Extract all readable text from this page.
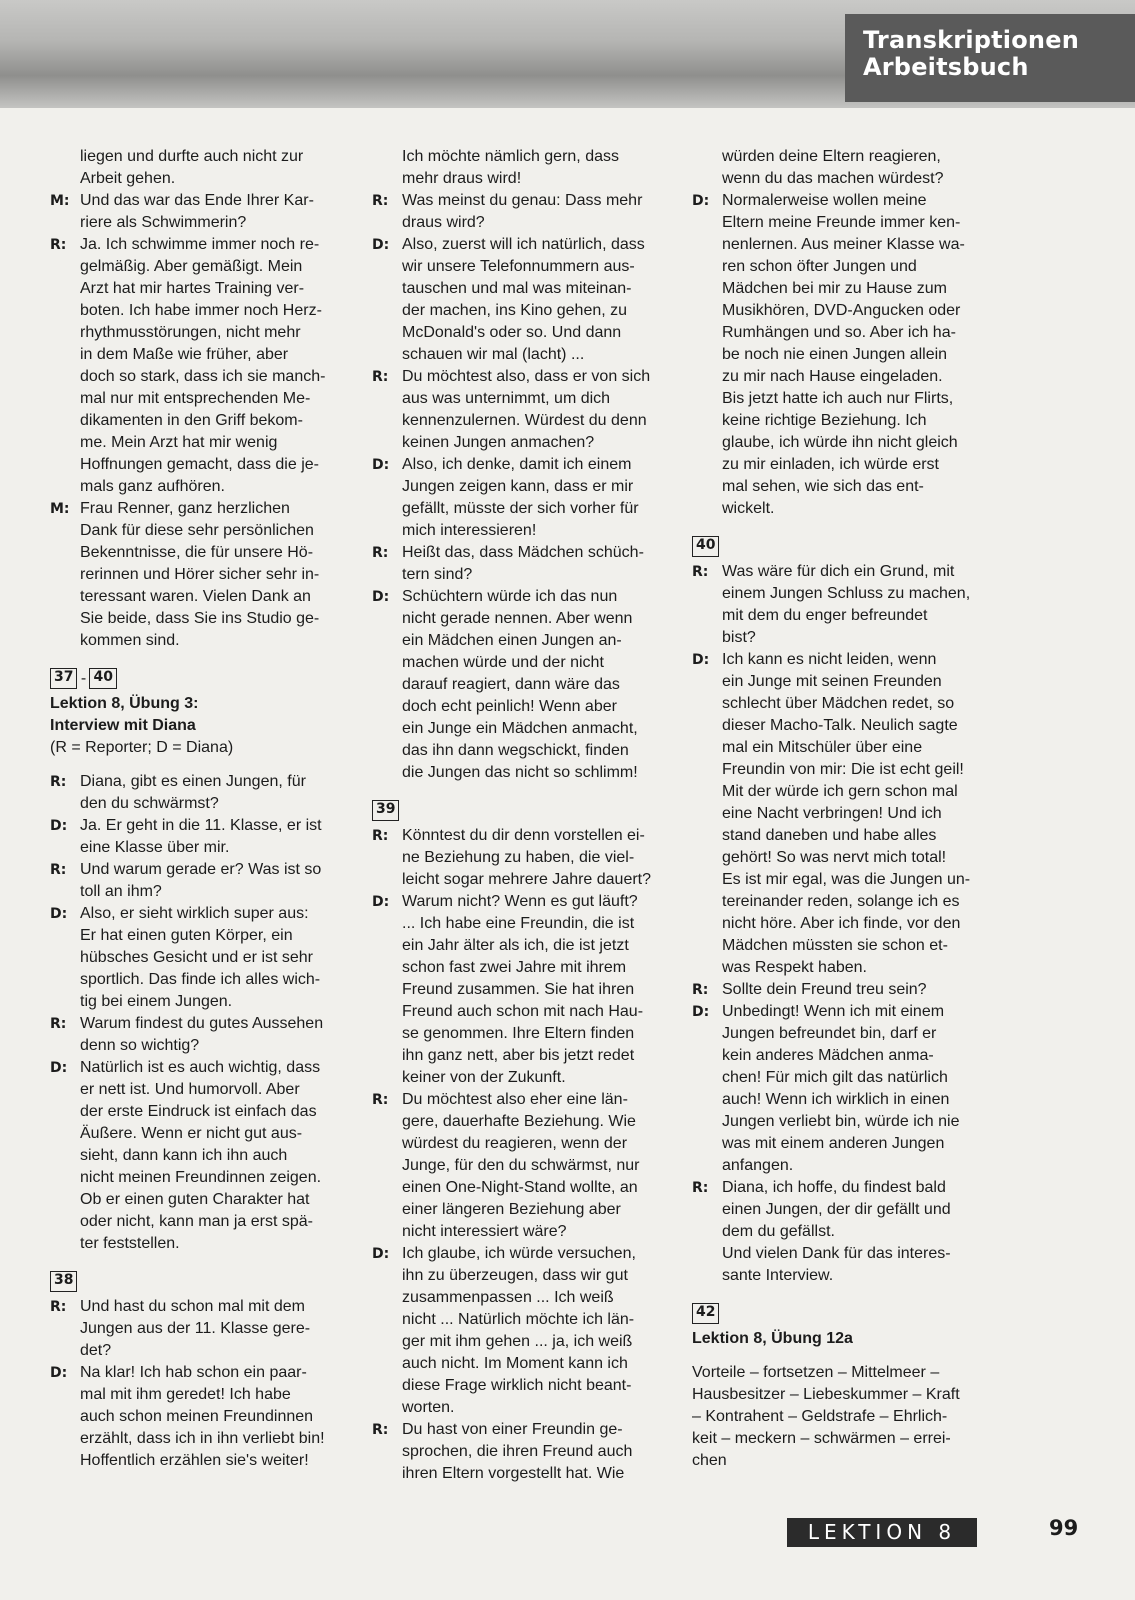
Transkriptionen
Arbeitsbuch
liegen und durfte auch nicht zur
Arbeit gehen.
M: Und das war das Ende Ihrer Kar-
riere als Schwimmerin?
R: Ja. Ich schwimme immer noch re-
gelmäßig. Aber gemäßigt. Mein
Arzt hat mir hartes Training ver-
boten. Ich habe immer noch Herz-
rhythmusstörungen, nicht mehr
in dem Maße wie früher, aber
doch so stark, dass ich sie manch-
mal nur mit entsprechenden Me-
dikamenten in den Griff bekom-
me. Mein Arzt hat mir wenig
Hoffnungen gemacht, dass die je-
mals ganz aufhören.
M: Frau Renner, ganz herzlichen
Dank für diese sehr persönlichen
Bekenntnisse, die für unsere Hö-
rerinnen und Hörer sicher sehr in-
teressant waren. Vielen Dank an
Sie beide, dass Sie ins Studio ge-
kommen sind.
37 - 40
Lektion 8, Übung 3:
Interview mit Diana
(R = Reporter; D = Diana)
R: Diana, gibt es einen Jungen, für
den du schwärmst?
D: Ja. Er geht in die 11. Klasse, er ist
eine Klasse über mir.
R: Und warum gerade er? Was ist so
toll an ihm?
D: Also, er sieht wirklich super aus:
Er hat einen guten Körper, ein
hübsches Gesicht und er ist sehr
sportlich. Das finde ich alles wich-
tig bei einem Jungen.
R: Warum findest du gutes Aussehen
denn so wichtig?
D: Natürlich ist es auch wichtig, dass
er nett ist. Und humorvoll. Aber
der erste Eindruck ist einfach das
Äußere. Wenn er nicht gut aus-
sieht, dann kann ich ihn auch
nicht meinen Freundinnen zeigen.
Ob er einen guten Charakter hat
oder nicht, kann man ja erst spä-
ter feststellen.
38
R: Und hast du schon mal mit dem
Jungen aus der 11. Klasse gere-
det?
D: Na klar! Ich hab schon ein paar-
mal mit ihm geredet! Ich habe
auch schon meinen Freundinnen
erzählt, dass ich in ihn verliebt bin!
Hoffentlich erzählen sie's weiter!
Ich möchte nämlich gern, dass
mehr draus wird!
R: Was meinst du genau: Dass mehr
draus wird?
D: Also, zuerst will ich natürlich, dass
wir unsere Telefonnummern aus-
tauschen und mal was miteinan-
der machen, ins Kino gehen, zu
McDonald's oder so. Und dann
schauen wir mal (lacht) ...
R: Du möchtest also, dass er von sich
aus was unternimmt, um dich
kennenzulernen. Würdest du denn
keinen Jungen anmachen?
D: Also, ich denke, damit ich einem
Jungen zeigen kann, dass er mir
gefällt, müsste der sich vorher für
mich interessieren!
R: Heißt das, dass Mädchen schüch-
tern sind?
D: Schüchtern würde ich das nun
nicht gerade nennen. Aber wenn
ein Mädchen einen Jungen an-
machen würde und der nicht
darauf reagiert, dann wäre das
doch echt peinlich! Wenn aber
ein Junge ein Mädchen anmacht,
das ihn dann wegschickt, finden
die Jungen das nicht so schlimm!
39
R: Könntest du dir denn vorstellen ei-
ne Beziehung zu haben, die viel-
leicht sogar mehrere Jahre dauert?
D: Warum nicht? Wenn es gut läuft?
... Ich habe eine Freundin, die ist
ein Jahr älter als ich, die ist jetzt
schon fast zwei Jahre mit ihrem
Freund zusammen. Sie hat ihren
Freund auch schon mit nach Hau-
se genommen. Ihre Eltern finden
ihn ganz nett, aber bis jetzt redet
keiner von der Zukunft.
R: Du möchtest also eher eine län-
gere, dauerhafte Beziehung. Wie
würdest du reagieren, wenn der
Junge, für den du schwärmst, nur
einen One-Night-Stand wollte, an
einer längeren Beziehung aber
nicht interessiert wäre?
D: Ich glaube, ich würde versuchen,
ihn zu überzeugen, dass wir gut
zusammenpassen ... Ich weiß
nicht ... Natürlich möchte ich län-
ger mit ihm gehen ... ja, ich weiß
auch nicht. Im Moment kann ich
diese Frage wirklich nicht beant-
worten.
R: Du hast von einer Freundin ge-
sprochen, die ihren Freund auch
ihren Eltern vorgestellt hat. Wie
würden deine Eltern reagieren,
wenn du das machen würdest?
D: Normalerweise wollen meine
Eltern meine Freunde immer ken-
nenlernen. Aus meiner Klasse wa-
ren schon öfter Jungen und
Mädchen bei mir zu Hause zum
Musikhören, DVD-Angucken oder
Rumhängen und so. Aber ich ha-
be noch nie einen Jungen allein
zu mir nach Hause eingeladen.
Bis jetzt hatte ich auch nur Flirts,
keine richtige Beziehung. Ich
glaube, ich würde ihn nicht gleich
zu mir einladen, ich würde erst
mal sehen, wie sich das ent-
wickelt.
40
R: Was wäre für dich ein Grund, mit
einem Jungen Schluss zu machen,
mit dem du enger befreundet
bist?
D: Ich kann es nicht leiden, wenn
ein Junge mit seinen Freunden
schlecht über Mädchen redet, so
dieser Macho-Talk. Neulich sagte
mal ein Mitschüler über eine
Freundin von mir: Die ist echt geil!
Mit der würde ich gern schon mal
eine Nacht verbringen! Und ich
stand daneben und habe alles
gehört! So was nervt mich total!
Es ist mir egal, was die Jungen un-
tereinander reden, solange ich es
nicht höre. Aber ich finde, vor den
Mädchen müssten sie schon et-
was Respekt haben.
R: Sollte dein Freund treu sein?
D: Unbedingt! Wenn ich mit einem
Jungen befreundet bin, darf er
kein anderes Mädchen anma-
chen! Für mich gilt das natürlich
auch! Wenn ich wirklich in einen
Jungen verliebt bin, würde ich nie
was mit einem anderen Jungen
anfangen.
R: Diana, ich hoffe, du findest bald
einen Jungen, der dir gefällt und
dem du gefällst.
Und vielen Dank für das interes-
sante Interview.
42
Lektion 8, Übung 12a
Vorteile – fortsetzen – Mittelmeer –
Hausbesitzer – Liebeskummer – Kraft
– Kontrahent – Geldstrafe – Ehrlich-
keit – meckern – schwärmen – errei-
chen
LEKTION 8	99
